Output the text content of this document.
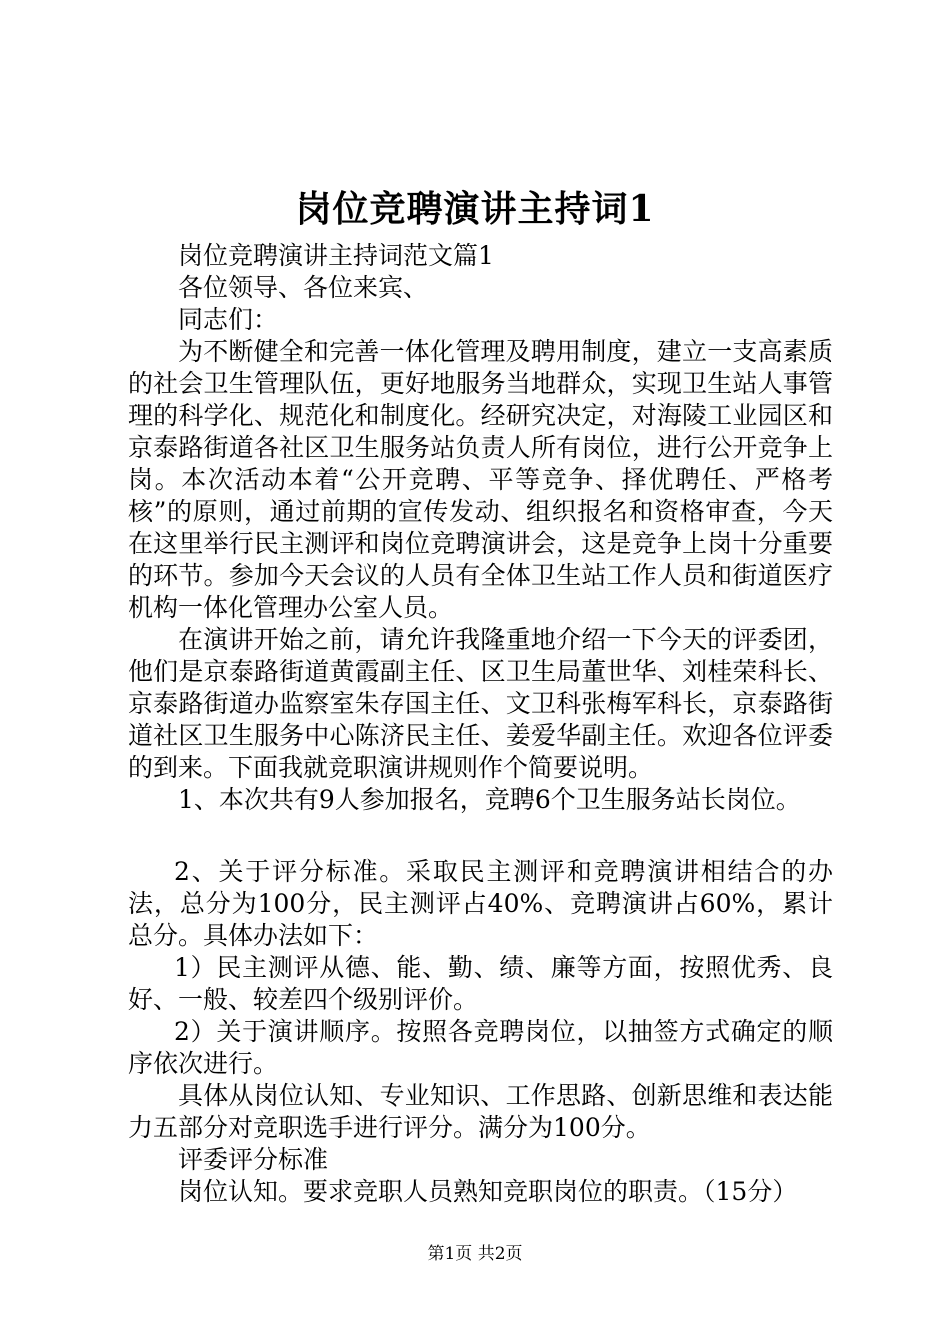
岗位竞聘演讲主持词1

岗位竞聘演讲主持词范文篇1

各位领导、各位来宾、

同志们：

为不断健全和完善一体化管理及聘用制度，建立一支高素质的社会卫生管理队伍，更好地服务当地群众，实现卫生站人事管理的科学化、规范化和制度化。经研究决定，对海陵工业园区和京泰路街道各社区卫生服务站负责人所有岗位，进行公开竞争上岗。本次活动本着“公开竞聘、平等竞争、择优聘任、严格考核”的原则，通过前期的宣传发动、组织报名和资格审查，今天在这里举行民主测评和岗位竞聘演讲会，这是竞争上岗十分重要的环节。参加今天会议的人员有全体卫生站工作人员和街道医疗机构一体化管理办公室人员。

在演讲开始之前，请允许我隆重地介绍一下今天的评委团，他们是京泰路街道黄霞副主任、区卫生局董世华、刘桂荣科长、京泰路街道办监察室朱存国主任、文卫科张梅军科长，京泰路街道社区卫生服务中心陈济民主任、姜爱华副主任。欢迎各位评委的到来。下面我就竞职演讲规则作个简要说明。

1、本次共有9人参加报名，竞聘6个卫生服务站长岗位。

2、关于评分标准。采取民主测评和竞聘演讲相结合的办法，总分为100分，民主测评占40%、竞聘演讲占60%，累计总分。具体办法如下：

1）民主测评从德、能、勤、绩、廉等方面，按照优秀、良好、一般、较差四个级别评价。

2）关于演讲顺序。按照各竞聘岗位，以抽签方式确定的顺序依次进行。

具体从岗位认知、专业知识、工作思路、创新思维和表达能力五部分对竞职选手进行评分。满分为100分。

评委评分标准

岗位认知。要求竞职人员熟知竞职岗位的职责。（15分）

第1页 共2页
